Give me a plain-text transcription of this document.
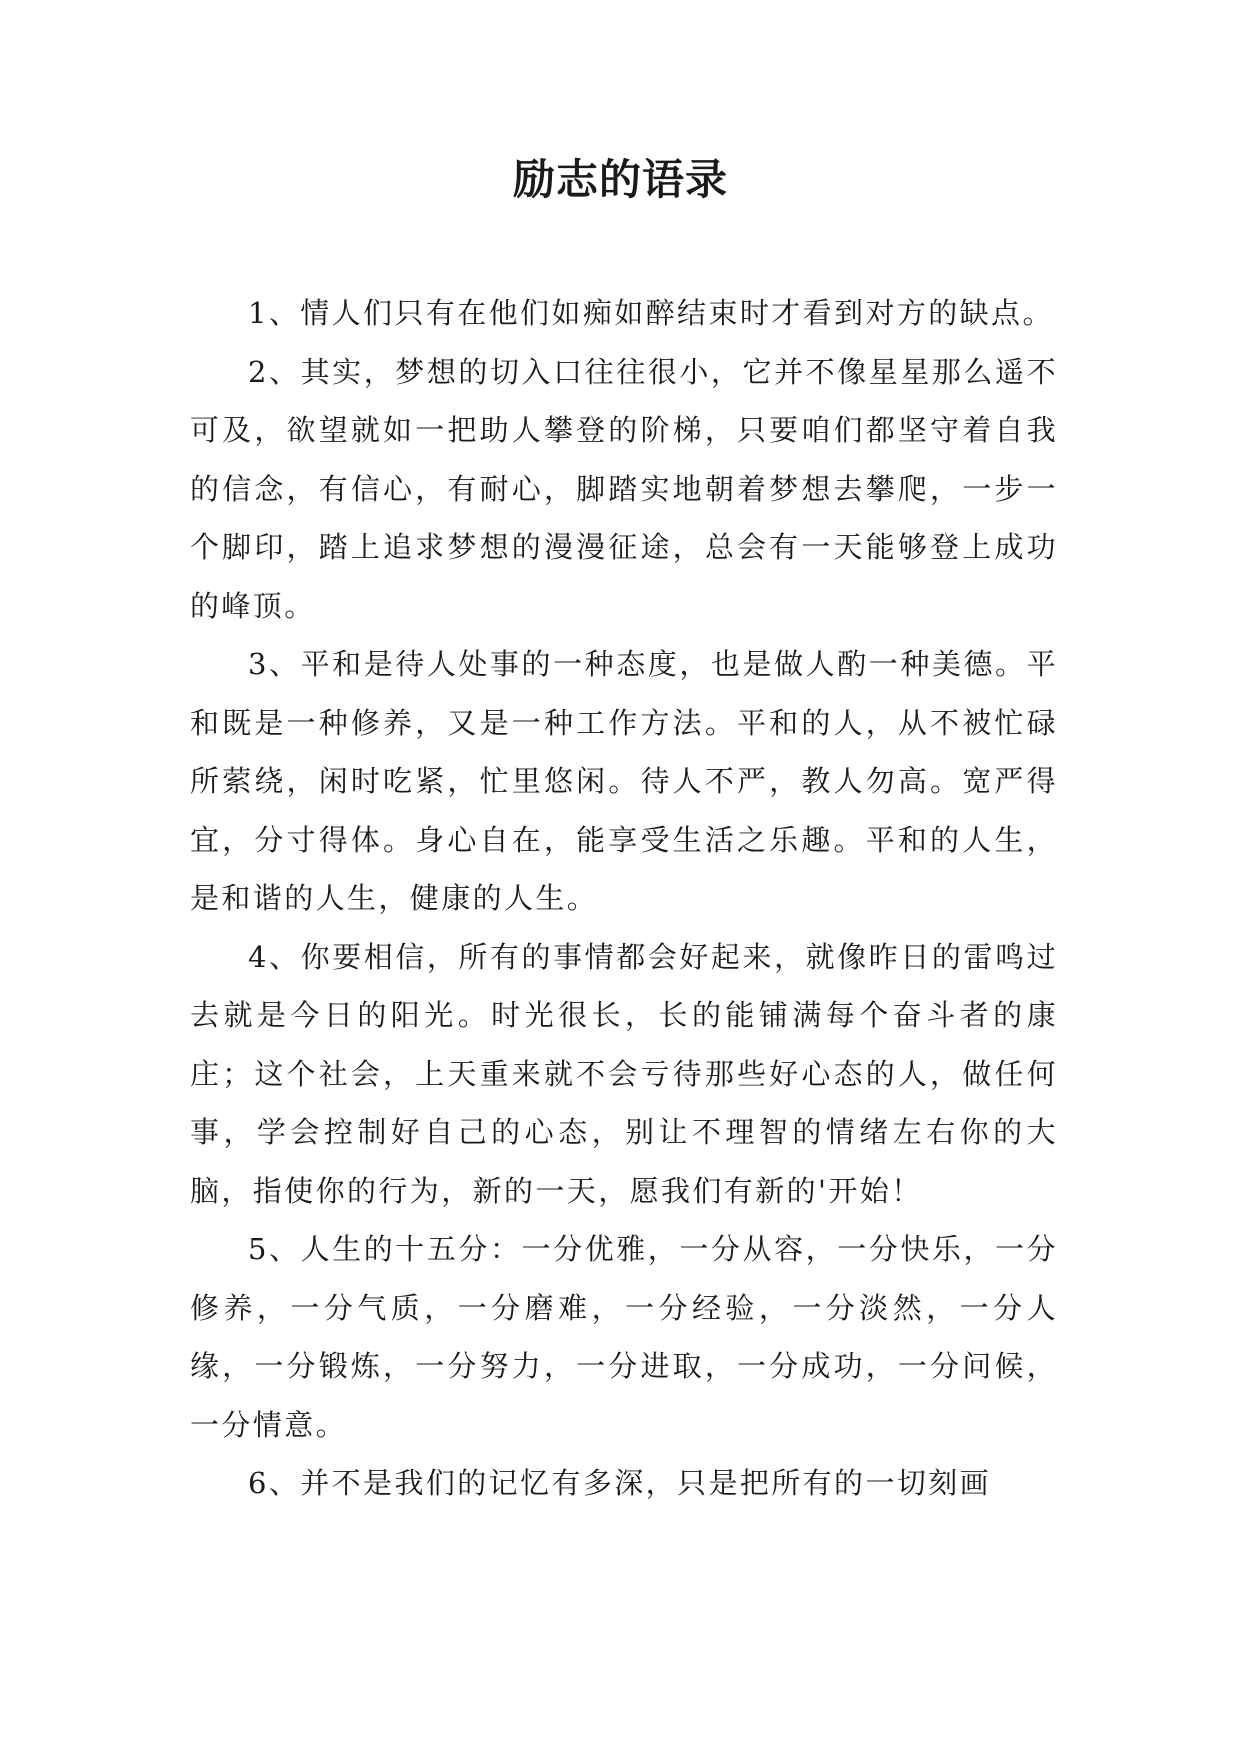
励志的语录

1、情人们只有在他们如痴如醉结束时才看到对方的缺点。

2、其实，梦想的切入口往往很小，它并不像星星那么遥不可及，欲望就如一把助人攀登的阶梯，只要咱们都坚守着自我的信念，有信心，有耐心，脚踏实地朝着梦想去攀爬，一步一个脚印，踏上追求梦想的漫漫征途，总会有一天能够登上成功的峰顶。

3、平和是待人处事的一种态度，也是做人酌一种美德。平和既是一种修养，又是一种工作方法。平和的人，从不被忙碌所萦绕，闲时吃紧，忙里悠闲。待人不严，教人勿高。宽严得宜，分寸得体。身心自在，能享受生活之乐趣。平和的人生，是和谐的人生，健康的人生。

4、你要相信，所有的事情都会好起来，就像昨日的雷鸣过去就是今日的阳光。时光很长，长的能铺满每个奋斗者的康庄；这个社会，上天重来就不会亏待那些好心态的人，做任何事，学会控制好自己的心态，别让不理智的情绪左右你的大脑，指使你的行为，新的一天，愿我们有新的'开始！

5、人生的十五分：一分优雅，一分从容，一分快乐，一分修养，一分气质，一分磨难，一分经验，一分淡然，一分人缘，一分锻炼，一分努力，一分进取，一分成功，一分问候，一分情意。

6、并不是我们的记忆有多深，只是把所有的一切刻画
